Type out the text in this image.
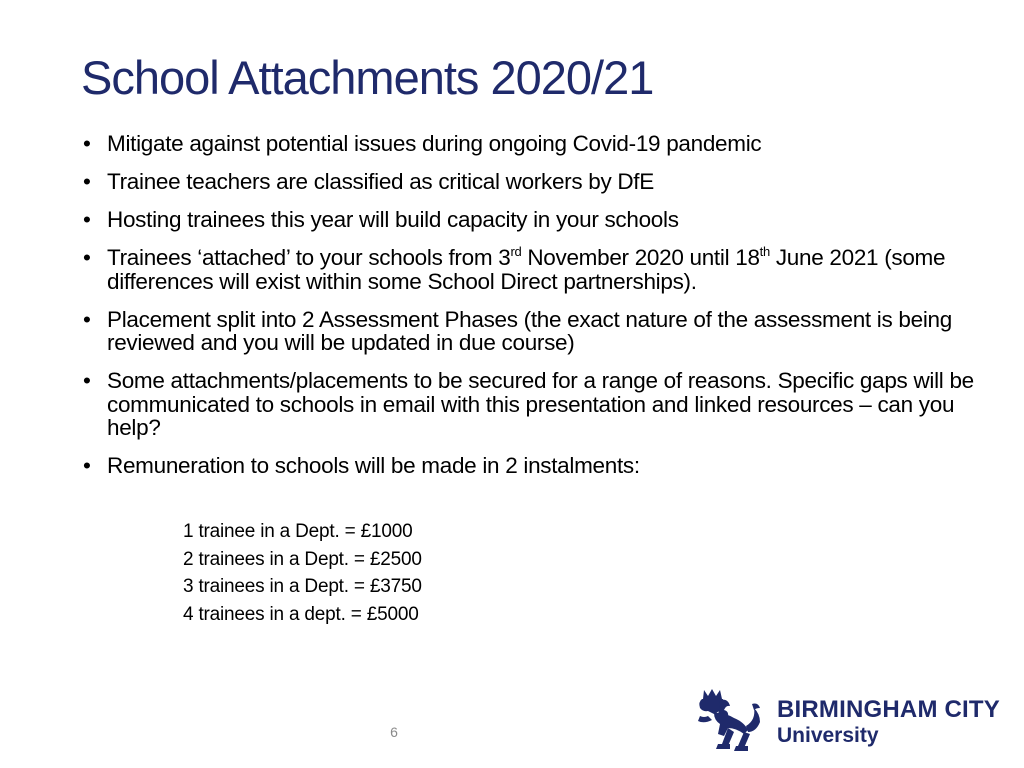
School Attachments 2020/21
• Mitigate against potential issues during ongoing Covid-19 pandemic
• Trainee teachers are classified as critical workers by DfE
• Hosting trainees this year will build capacity in your schools
• Trainees ‘attached’ to your schools from 3rd November 2020 until 18th June 2021 (some differences will exist within some School Direct partnerships).
• Placement split into 2 Assessment Phases (the exact nature of the assessment is being reviewed and you will be updated in due course)
• Some attachments/placements to be secured for a range of reasons. Specific gaps will be communicated to schools in email with this presentation and linked resources – can you help?
• Remuneration to schools will be made in 2 instalments:
1 trainee in a Dept. = £1000
2 trainees in a Dept. = £2500
3 trainees in a Dept. = £3750
4 trainees in a dept. = £5000
6
BIRMINGHAM CITY
University
